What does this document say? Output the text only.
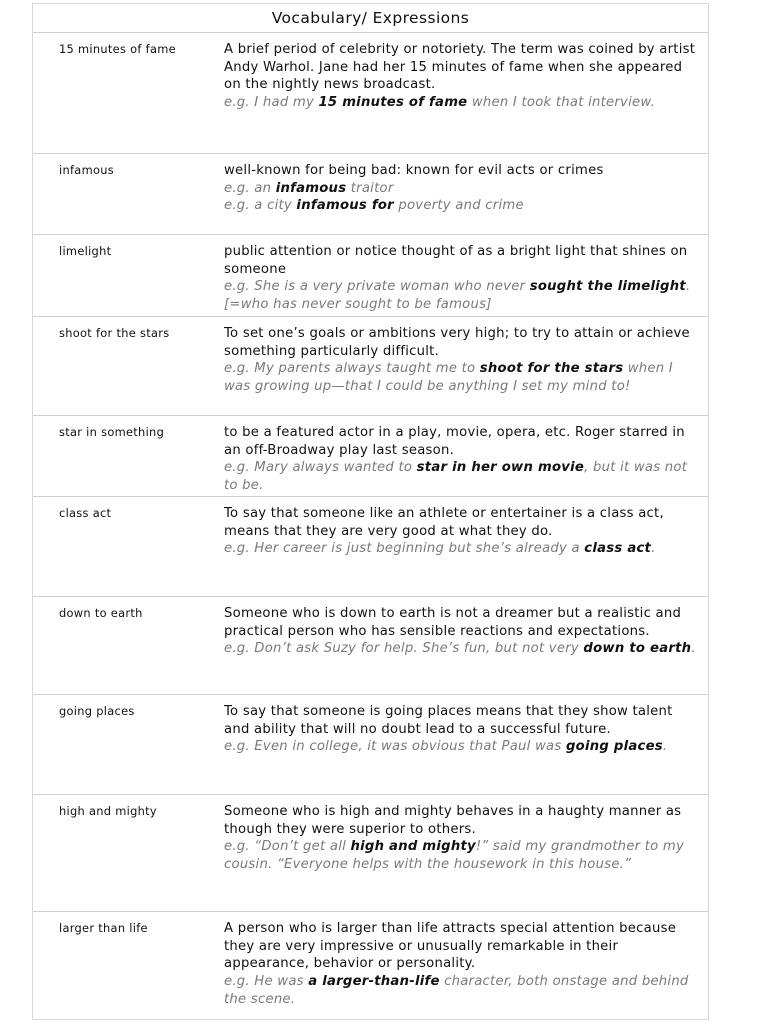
Vocabulary/ Expressions
15 minutes of fame	A brief period of celebrity or notoriety. The term was coined by artist Andy Warhol. Jane had her 15 minutes of fame when she appeared on the nightly news broadcast.
e.g. I had my 15 minutes of fame when I took that interview.
infamous	well-known for being bad: known for evil acts or crimes
e.g. an infamous traitor
e.g. a city infamous for poverty and crime
limelight	public attention or notice thought of as a bright light that shines on someone
e.g. She is a very private woman who never sought the limelight. [=who has never sought to be famous]
shoot for the stars	To set one’s goals or ambitions very high; to try to attain or achieve something particularly difficult.
e.g. My parents always taught me to shoot for the stars when I was growing up—that I could be anything I set my mind to!
star in something	to be a featured actor in a play, movie, opera, etc. Roger starred in an off-Broadway play last season.
e.g. Mary always wanted to star in her own movie, but it was not to be.
class act	To say that someone like an athlete or entertainer is a class act, means that they are very good at what they do.
e.g. Her career is just beginning but she’s already a class act.
down to earth	Someone who is down to earth is not a dreamer but a realistic and practical person who has sensible reactions and expectations.
e.g. Don’t ask Suzy for help. She’s fun, but not very down to earth.
going places	To say that someone is going places means that they show talent and ability that will no doubt lead to a successful future.
e.g. Even in college, it was obvious that Paul was going places.
high and mighty	Someone who is high and mighty behaves in a haughty manner as though they were superior to others.
e.g. “Don’t get all high and mighty!” said my grandmother to my cousin. “Everyone helps with the housework in this house.”
larger than life	A person who is larger than life attracts special attention because they are very impressive or unusually remarkable in their appearance, behavior or personality.
e.g. He was a larger-than-life character, both onstage and behind the scene.
